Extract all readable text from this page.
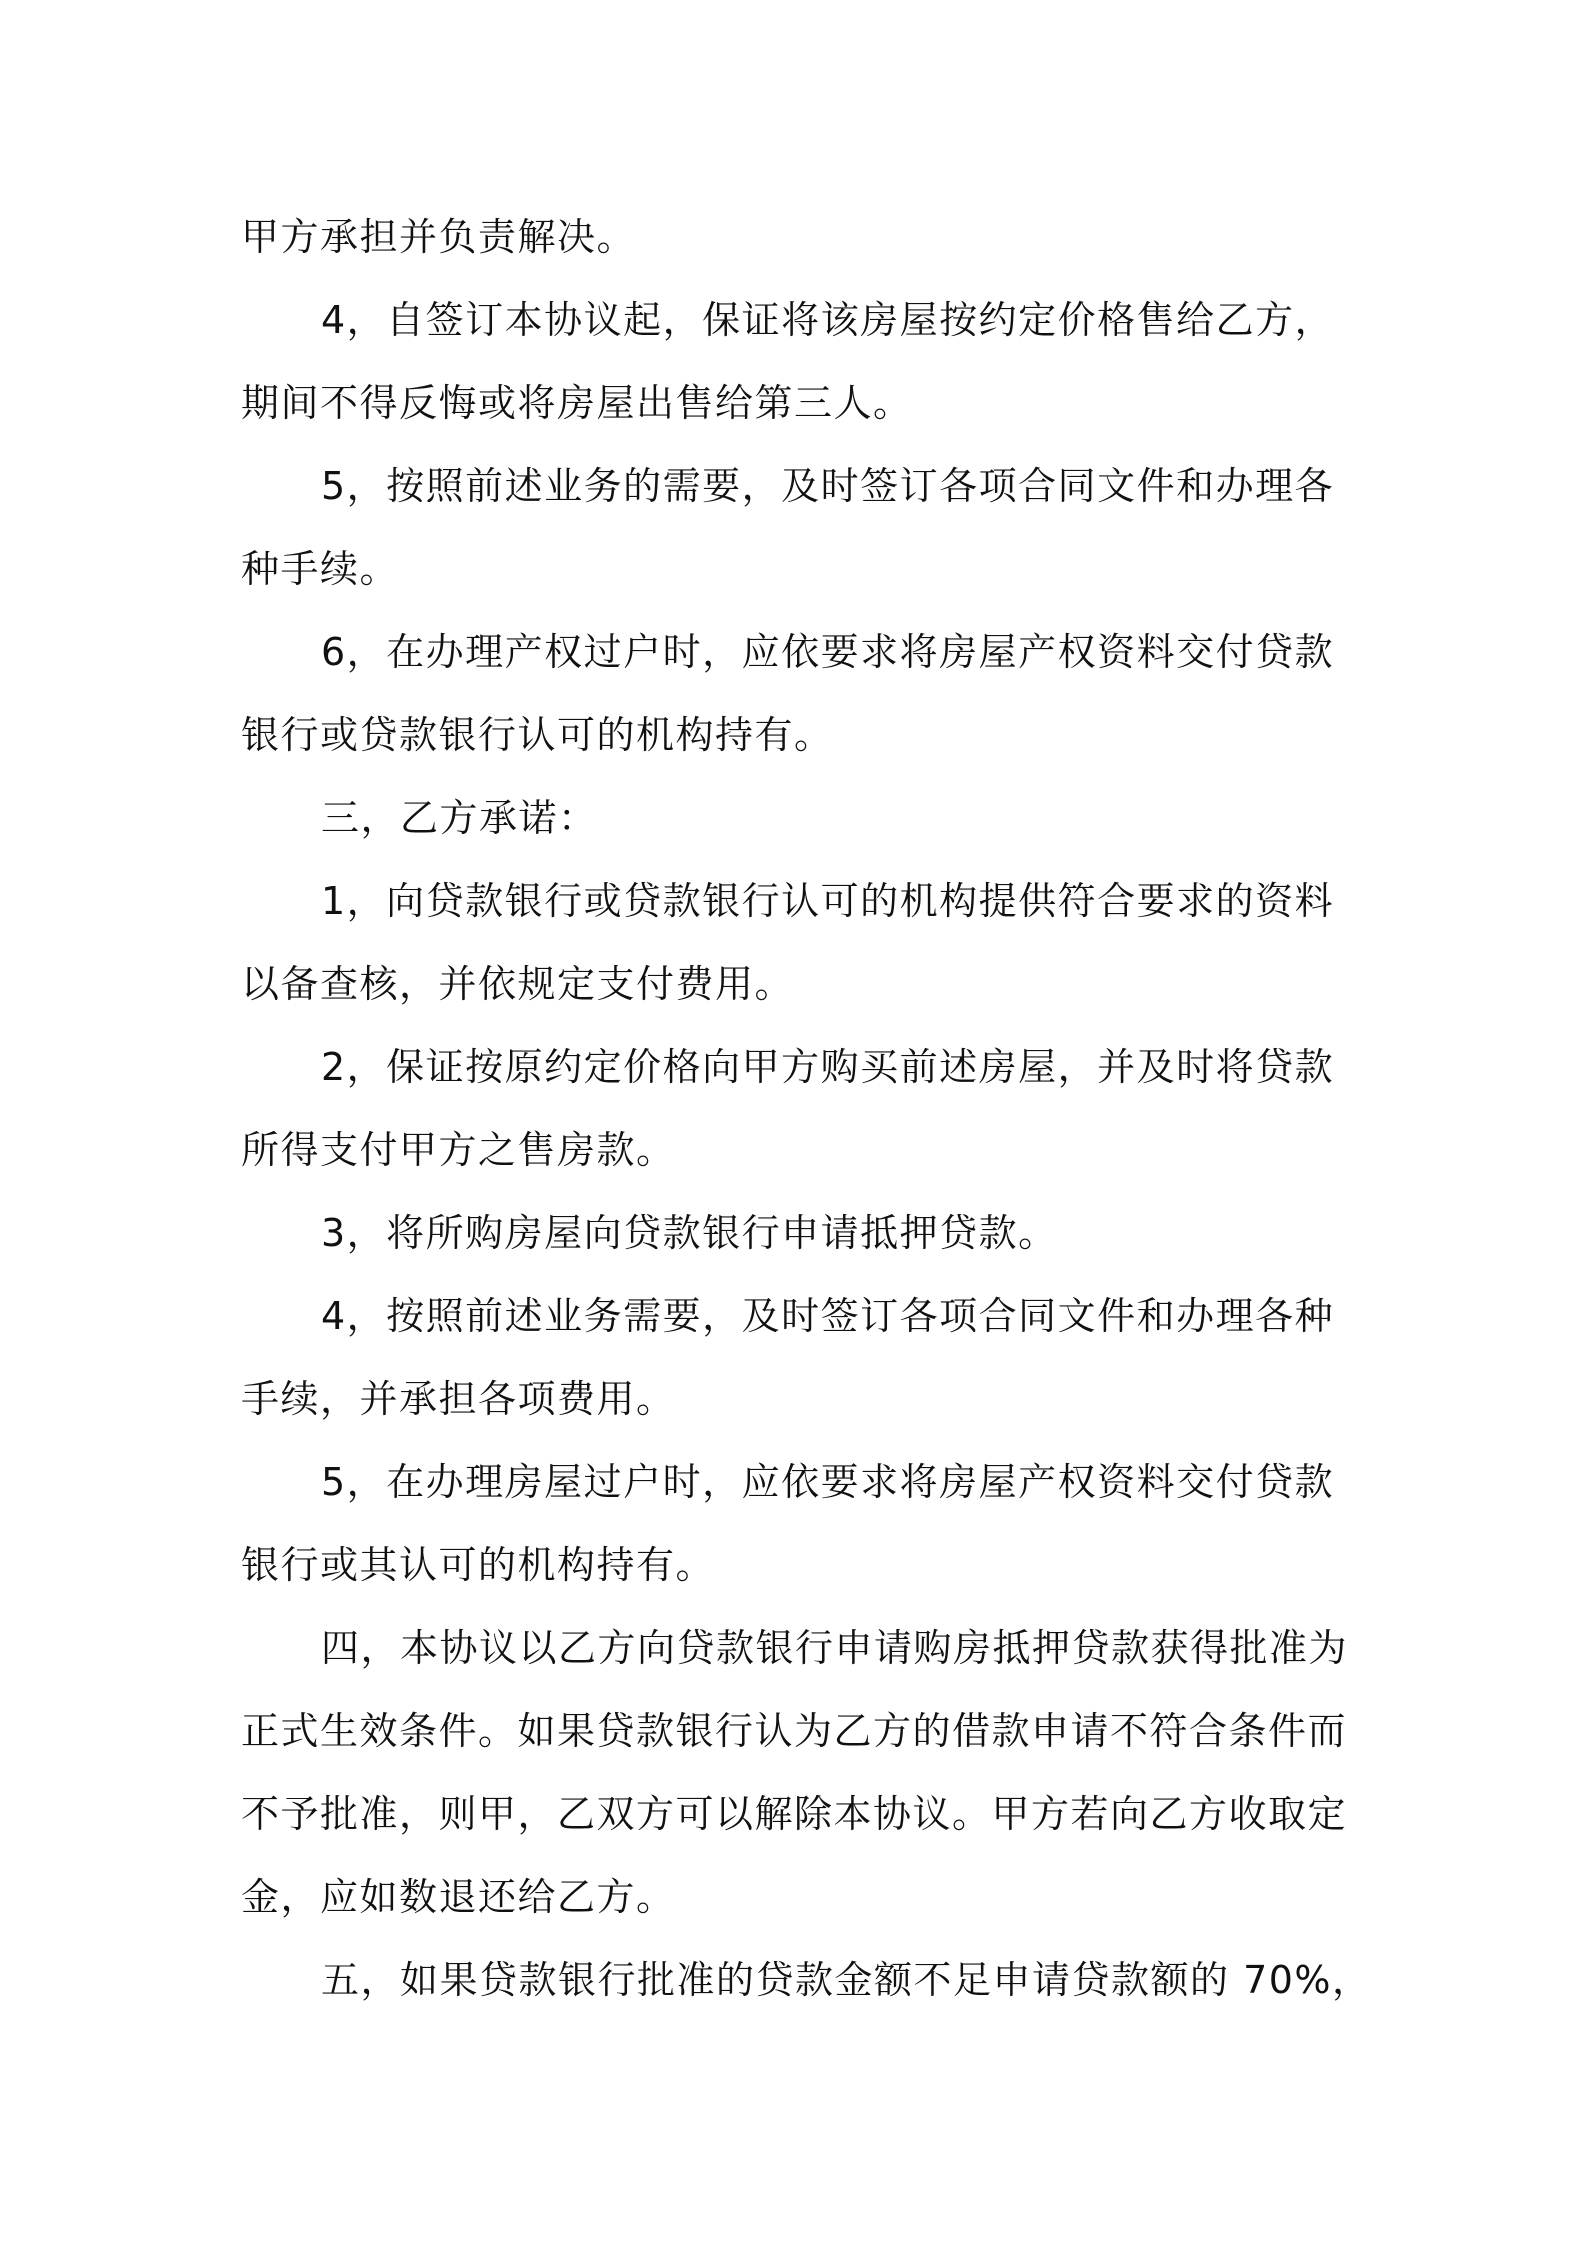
甲方承担并负责解决。
4，自签订本协议起，保证将该房屋按约定价格售给乙方，
期间不得反悔或将房屋出售给第三人。
5，按照前述业务的需要，及时签订各项合同文件和办理各
种手续。
6，在办理产权过户时，应依要求将房屋产权资料交付贷款
银行或贷款银行认可的机构持有。
三，乙方承诺：
1，向贷款银行或贷款银行认可的机构提供符合要求的资料
以备查核，并依规定支付费用。
2，保证按原约定价格向甲方购买前述房屋，并及时将贷款
所得支付甲方之售房款。
3，将所购房屋向贷款银行申请抵押贷款。
4，按照前述业务需要，及时签订各项合同文件和办理各种
手续，并承担各项费用。
5，在办理房屋过户时，应依要求将房屋产权资料交付贷款
银行或其认可的机构持有。
四，本协议以乙方向贷款银行申请购房抵押贷款获得批准为
正式生效条件。如果贷款银行认为乙方的借款申请不符合条件而
不予批准，则甲，乙双方可以解除本协议。甲方若向乙方收取定
金，应如数退还给乙方。
五，如果贷款银行批准的贷款金额不足申请贷款额的 70%，
